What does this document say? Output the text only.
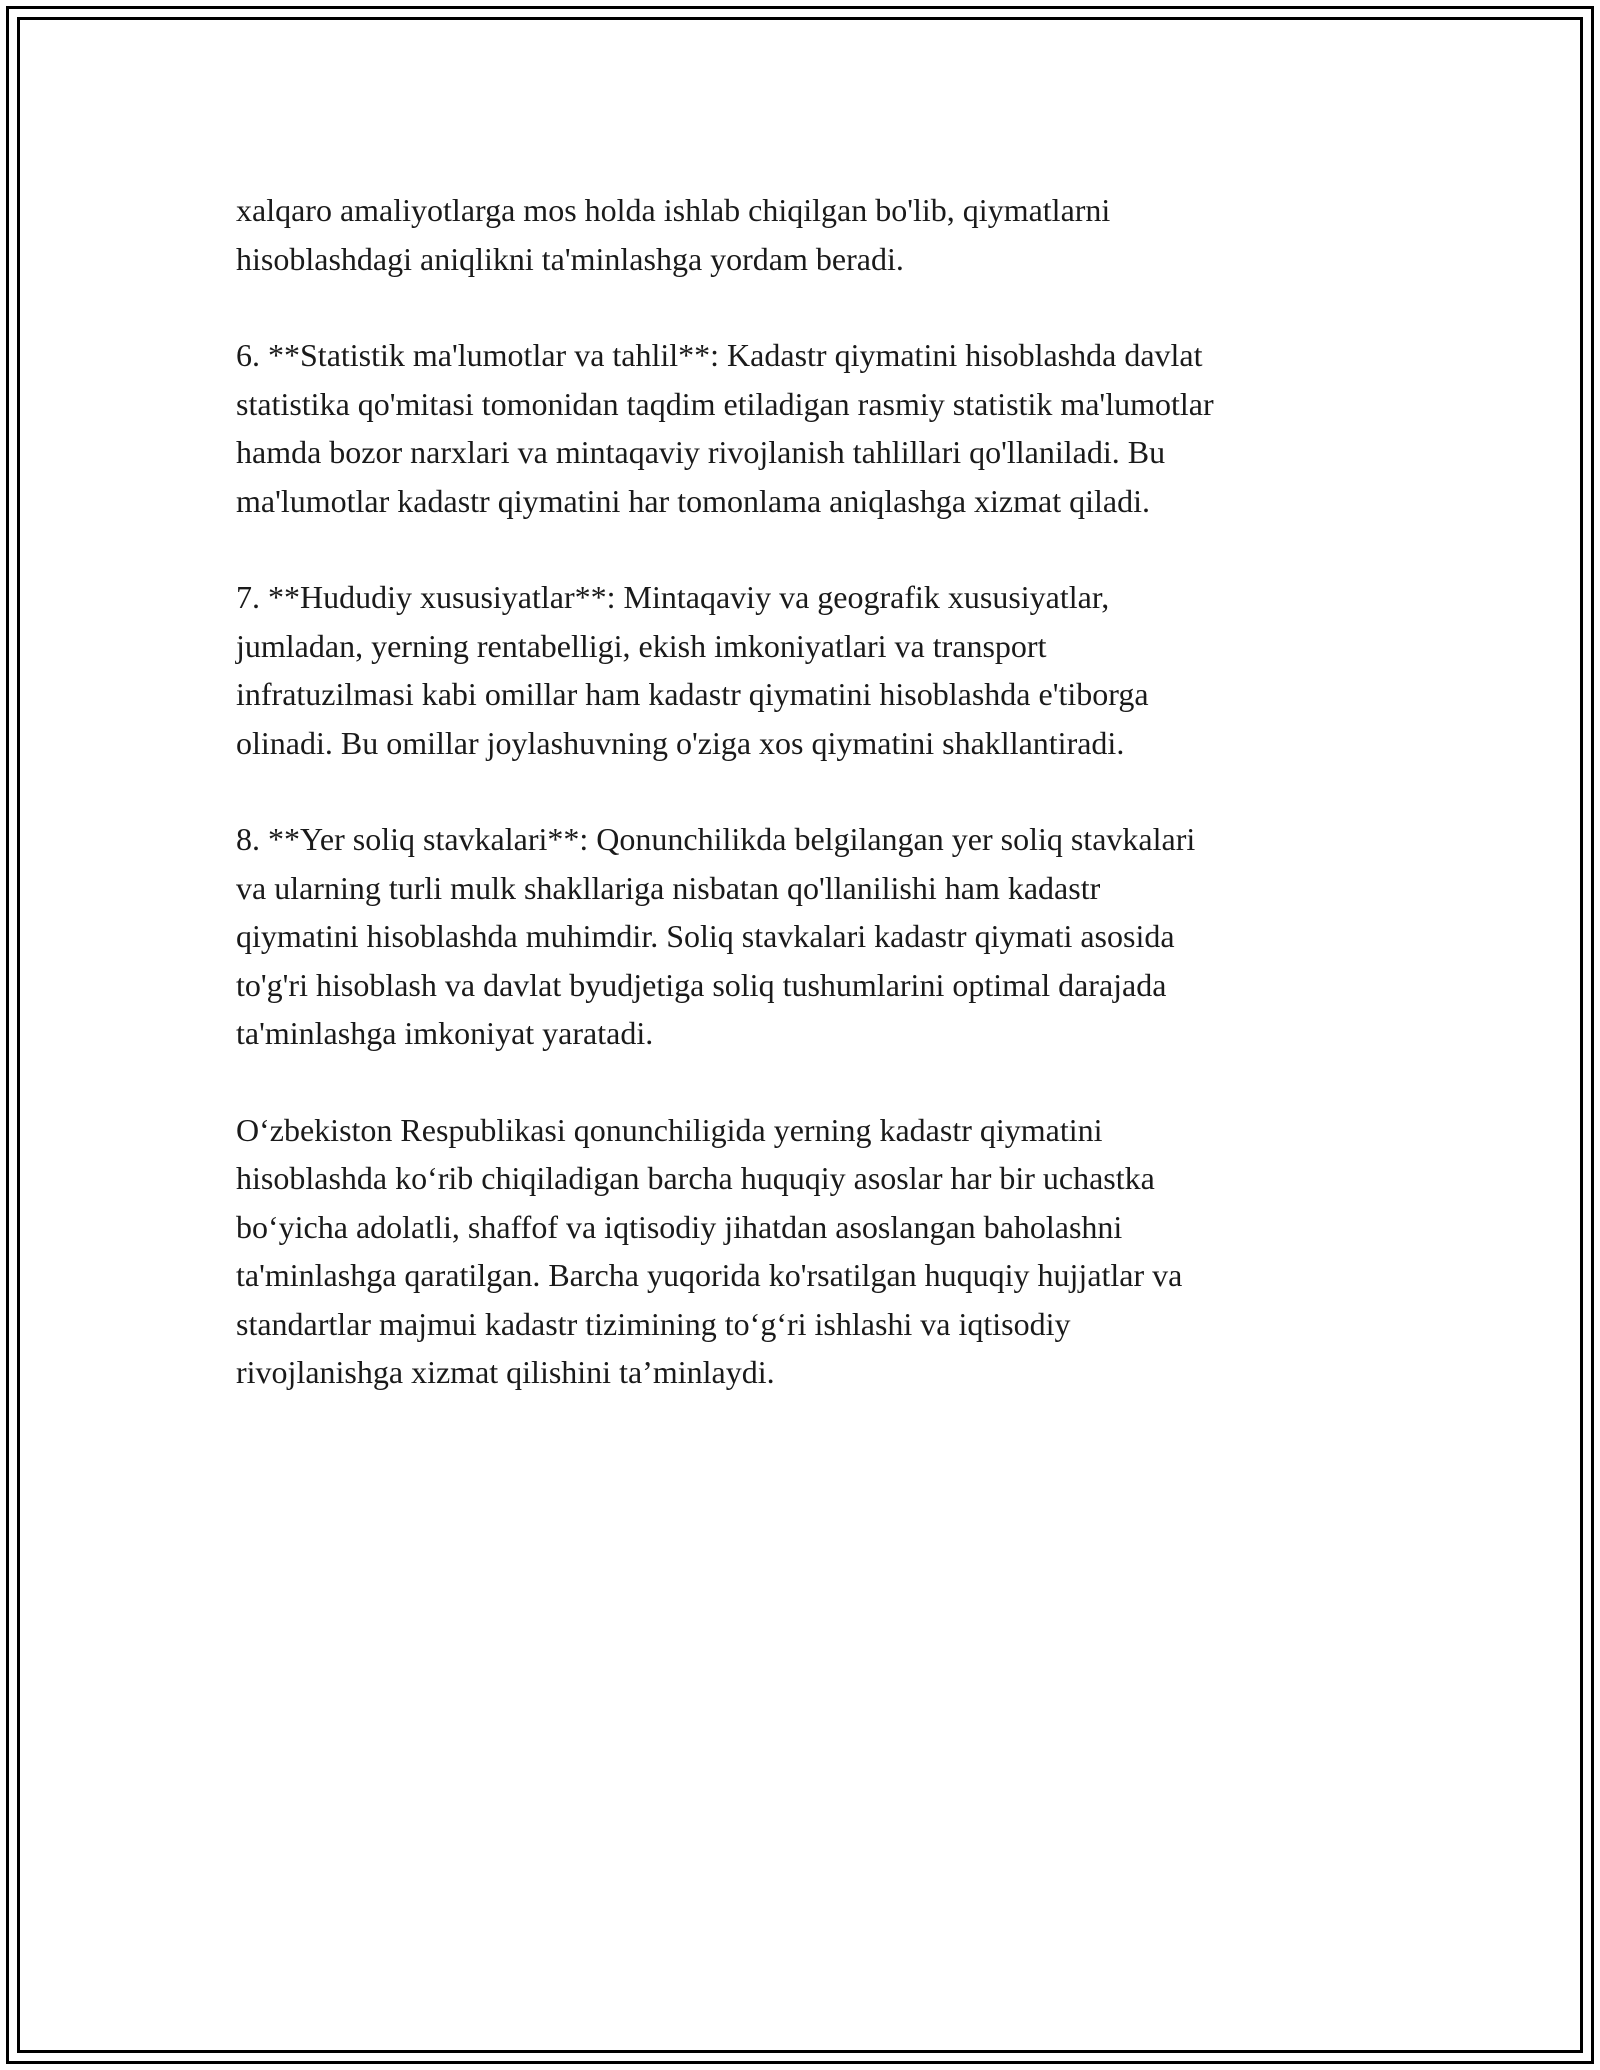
xalqaro amaliyotlarga mos holda ishlab chiqilgan bo'lib, qiymatlarni
hisoblashdagi aniqlikni ta'minlashga yordam beradi.

6. **Statistik ma'lumotlar va tahlil**: Kadastr qiymatini hisoblashda davlat
statistika qo'mitasi tomonidan taqdim etiladigan rasmiy statistik ma'lumotlar
hamda bozor narxlari va mintaqaviy rivojlanish tahlillari qo'llaniladi. Bu
ma'lumotlar kadastr qiymatini har tomonlama aniqlashga xizmat qiladi.

7. **Hududiy xususiyatlar**: Mintaqaviy va geografik xususiyatlar,
jumladan, yerning rentabelligi, ekish imkoniyatlari va transport
infratuzilmasi kabi omillar ham kadastr qiymatini hisoblashda e'tiborga
olinadi. Bu omillar joylashuvning o'ziga xos qiymatini shakllantiradi.

8. **Yer soliq stavkalari**: Qonunchilikda belgilangan yer soliq stavkalari
va ularning turli mulk shakllariga nisbatan qo'llanilishi ham kadastr
qiymatini hisoblashda muhimdir. Soliq stavkalari kadastr qiymati asosida
to'g'ri hisoblash va davlat byudjetiga soliq tushumlarini optimal darajada
ta'minlashga imkoniyat yaratadi.

O‘zbekiston Respublikasi qonunchiligida yerning kadastr qiymatini
hisoblashda ko‘rib chiqiladigan barcha huquqiy asoslar har bir uchastka
bo‘yicha adolatli, shaffof va iqtisodiy jihatdan asoslangan baholashni
ta'minlashga qaratilgan. Barcha yuqorida ko'rsatilgan huquqiy hujjatlar va
standartlar majmui kadastr tizimining to‘g‘ri ishlashi va iqtisodiy
rivojlanishga xizmat qilishini ta’minlaydi.
